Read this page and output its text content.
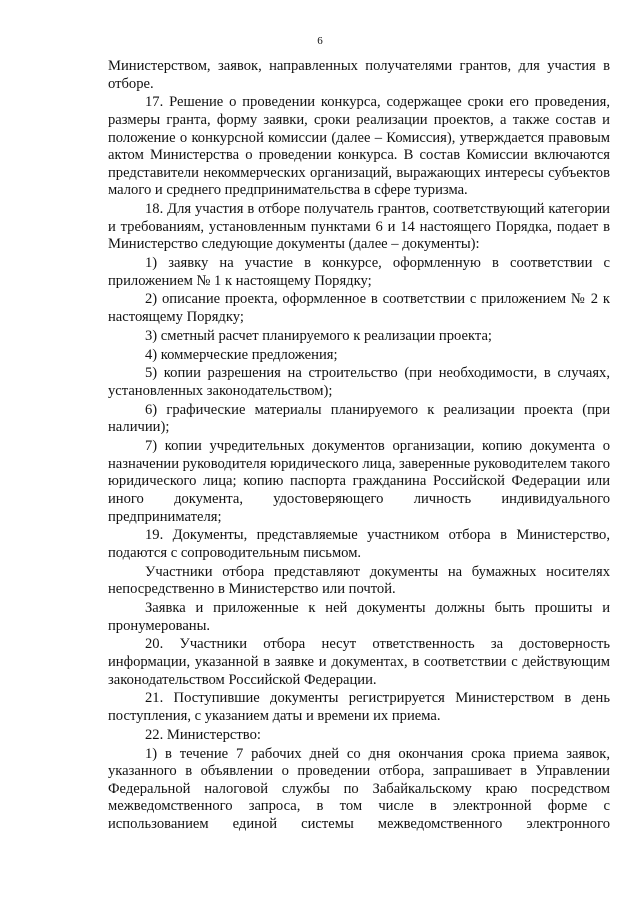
6

Министерством, заявок, направленных получателями грантов, для участия в отборе.

17. Решение о проведении конкурса, содержащее сроки его проведения, размеры гранта, форму заявки, сроки реализации проектов, а также состав и положение о конкурсной комиссии (далее – Комиссия), утверждается правовым актом Министерства о проведении конкурса. В состав Комиссии включаются представители некоммерческих организаций, выражающих интересы субъектов малого и среднего предпринимательства в сфере туризма.

18. Для участия в отборе получатель грантов, соответствующий категории и требованиям, установленным пунктами 6 и 14 настоящего Порядка, подает в Министерство следующие документы (далее – документы):

1) заявку на участие в конкурсе, оформленную в соответствии с приложением № 1 к настоящему Порядку;

2) описание проекта, оформленное в соответствии с приложением № 2 к настоящему Порядку;

3) сметный расчет планируемого к реализации проекта;

4) коммерческие предложения;

5) копии разрешения на строительство (при необходимости, в случаях, установленных законодательством);

6) графические материалы планируемого к реализации проекта (при наличии);

7) копии учредительных документов организации, копию документа о назначении руководителя юридического лица, заверенные руководителем такого юридического лица; копию паспорта гражданина Российской Федерации или иного документа, удостоверяющего личность индивидуального предпринимателя;

19. Документы, представляемые участником отбора в Министерство, подаются с сопроводительным письмом.

Участники отбора представляют документы на бумажных носителях непосредственно в Министерство или почтой.

Заявка и приложенные к ней документы должны быть прошиты и пронумерованы.

20. Участники отбора несут ответственность за достоверность информации, указанной в заявке и документах, в соответствии с действующим законодательством Российской Федерации.

21. Поступившие документы регистрируется Министерством в день поступления, с указанием даты и времени их приема.

22. Министерство:

1) в течение 7 рабочих дней со дня окончания срока приема заявок, указанного в объявлении о проведении отбора, запрашивает в Управлении Федеральной налоговой службы по Забайкальскому краю посредством межведомственного запроса, в том числе в электронной форме с использованием единой системы межведомственного электронного
